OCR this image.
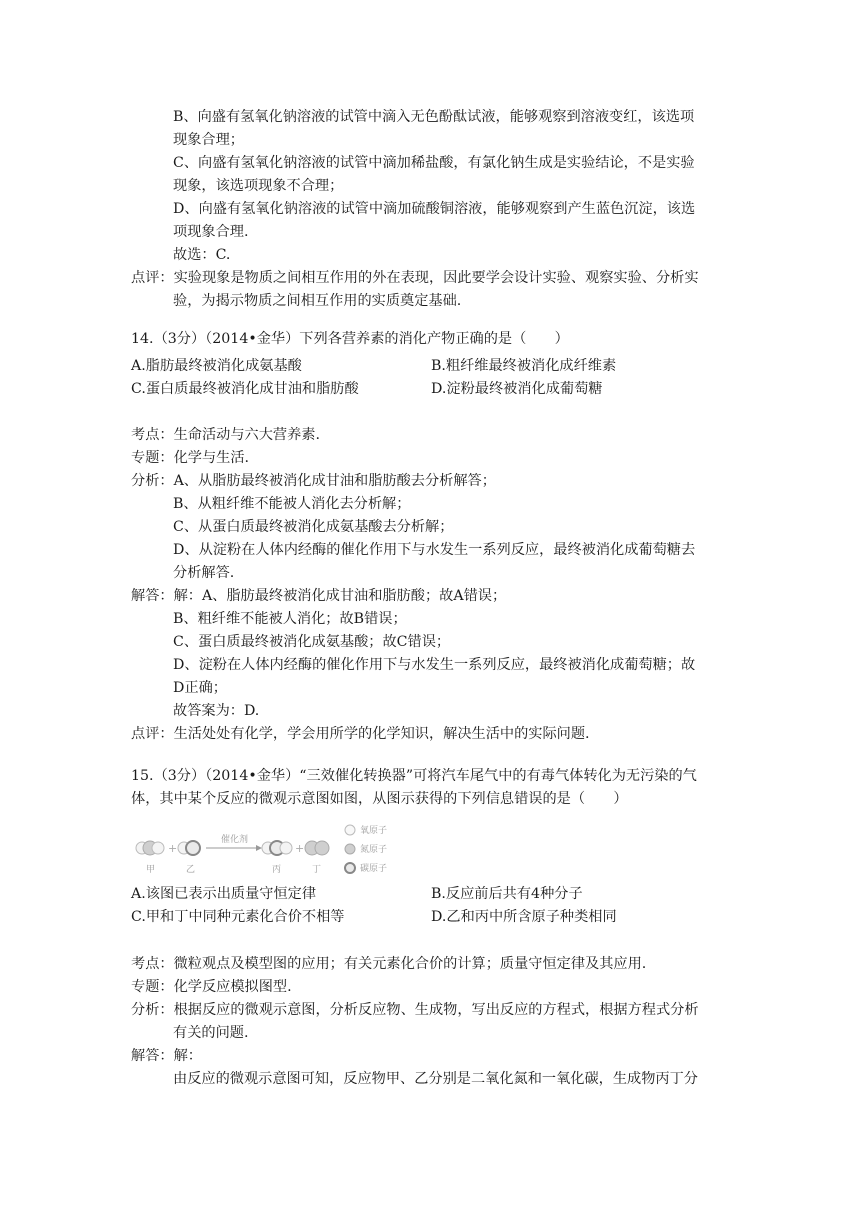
B、向盛有氢氧化钠溶液的试管中滴入无色酚酞试液，能够观察到溶液变红，该选项
现象合理；
C、向盛有氢氧化钠溶液的试管中滴加稀盐酸，有氯化钠生成是实验结论，不是实验
现象，该选项现象不合理；
D、向盛有氢氧化钠溶液的试管中滴加硫酸铜溶液，能够观察到产生蓝色沉淀，该选
项现象合理.
故选：C.
点评：实验现象是物质之间相互作用的外在表现，因此要学会设计实验、观察实验、分析实
验，为揭示物质之间相互作用的实质奠定基础.
14.（3分）（2014•金华）下列各营养素的消化产物正确的是（　　）
A.脂肪最终被消化成氨基酸	B.粗纤维最终被消化成纤维素
C.蛋白质最终被消化成甘油和脂肪酸	D.淀粉最终被消化成葡萄糖
考点：生命活动与六大营养素.
专题：化学与生活.
分析：A、从脂肪最终被消化成甘油和脂肪酸去分析解答；
B、从粗纤维不能被人消化去分析解；
C、从蛋白质最终被消化成氨基酸去分析解；
D、从淀粉在人体内经酶的催化作用下与水发生一系列反应，最终被消化成葡萄糖去
分析解答.
解答：解：A、脂肪最终被消化成甘油和脂肪酸；故A错误；
B、粗纤维不能被人消化；故B错误；
C、蛋白质最终被消化成氨基酸；故C错误；
D、淀粉在人体内经酶的催化作用下与水发生一系列反应，最终被消化成葡萄糖；故
D正确；
故答案为：D.
点评：生活处处有化学，学会用所学的化学知识，解决生活中的实际问题.
15.（3分）（2014•金华）“三效催化转换器”可将汽车尾气中的有毒气体转化为无污染的气
体，其中某个反应的微观示意图如图，从图示获得的下列信息错误的是（　　）
+
催化剂
+
甲	乙	丙	丁
氧原子
氮原子
碳原子
A.该图已表示出质量守恒定律	B.反应前后共有4种分子
C.甲和丁中同种元素化合价不相等	D.乙和丙中所含原子种类相同
考点：微粒观点及模型图的应用；有关元素化合价的计算；质量守恒定律及其应用.
专题：化学反应模拟图型.
分析：根据反应的微观示意图，分析反应物、生成物，写出反应的方程式，根据方程式分析
有关的问题.
解答：解：
由反应的微观示意图可知，反应物甲、乙分别是二氧化氮和一氧化碳，生成物丙丁分
